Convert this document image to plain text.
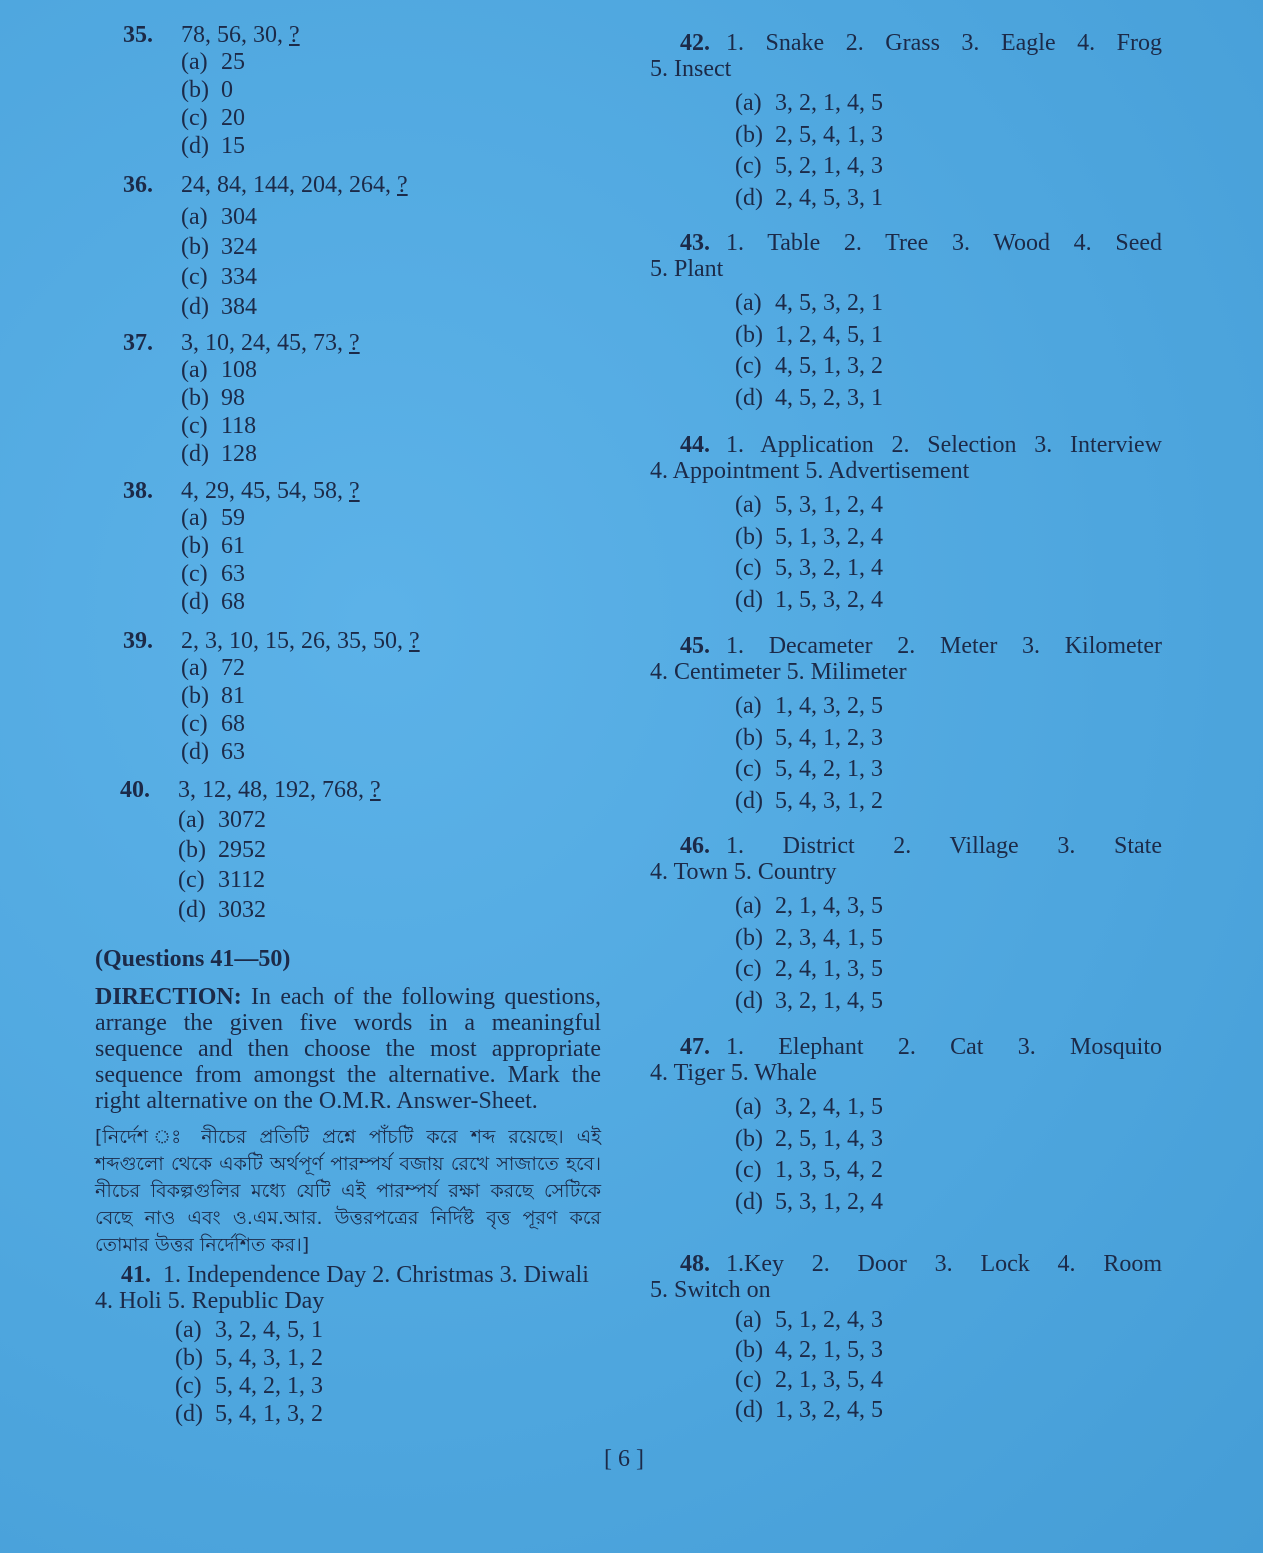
35. 78, 56, 30, ?
(a) 25
(b) 0
(c) 20
(d) 15
36. 24, 84, 144, 204, 264, ?
(a) 304
(b) 324
(c) 334
(d) 384
37. 3, 10, 24, 45, 73, ?
(a) 108
(b) 98
(c) 118
(d) 128
38. 4, 29, 45, 54, 58, ?
(a) 59
(b) 61
(c) 63
(d) 68
39. 2, 3, 10, 15, 26, 35, 50, ?
(a) 72
(b) 81
(c) 68
(d) 63
40. 3, 12, 48, 192, 768, ?
(a) 3072
(b) 2952
(c) 3112
(d) 3032
(Questions 41—50)
DIRECTION: In each of the following questions, arrange the given five words in a meaningful sequence and then choose the most appropriate sequence from amongst the alternative. Mark the right alternative on the O.M.R. Answer-Sheet.
[নির্দেশ ঃ নীচের প্রতিটি প্রশ্নে পাঁচটি করে শব্দ রয়েছে। এই শব্দগুলো থেকে একটি অর্থপূর্ণ পারম্পর্য বজায় রেখে সাজাতে হবে। নীচের বিকল্পগুলির মধ্যে যেটি এই পারম্পর্য রক্ষা করছে সেটিকে বেছে নাও এবং ও.এম.আর. উত্তরপত্রের নির্দিষ্ট বৃত্ত পূরণ করে তোমার উত্তর নির্দেশিত কর।]
41. 1. Independence Day 2. Christmas 3. Diwali
4. Holi 5. Republic Day
(a) 3, 2, 4, 5, 1
(b) 5, 4, 3, 1, 2
(c) 5, 4, 2, 1, 3
(d) 5, 4, 1, 3, 2
42. 1. Snake 2. Grass 3. Eagle 4. Frog
5. Insect
(a) 3, 2, 1, 4, 5
(b) 2, 5, 4, 1, 3
(c) 5, 2, 1, 4, 3
(d) 2, 4, 5, 3, 1
43. 1. Table 2. Tree 3. Wood 4. Seed
5. Plant
(a) 4, 5, 3, 2, 1
(b) 1, 2, 4, 5, 1
(c) 4, 5, 1, 3, 2
(d) 4, 5, 2, 3, 1
44. 1. Application 2. Selection 3. Interview
4. Appointment 5. Advertisement
(a) 5, 3, 1, 2, 4
(b) 5, 1, 3, 2, 4
(c) 5, 3, 2, 1, 4
(d) 1, 5, 3, 2, 4
45. 1. Decameter 2. Meter 3. Kilometer
4. Centimeter 5. Milimeter
(a) 1, 4, 3, 2, 5
(b) 5, 4, 1, 2, 3
(c) 5, 4, 2, 1, 3
(d) 5, 4, 3, 1, 2
46. 1. District 2. Village 3. State
4. Town 5. Country
(a) 2, 1, 4, 3, 5
(b) 2, 3, 4, 1, 5
(c) 2, 4, 1, 3, 5
(d) 3, 2, 1, 4, 5
47. 1. Elephant 2. Cat 3. Mosquito
4. Tiger 5. Whale
(a) 3, 2, 4, 1, 5
(b) 2, 5, 1, 4, 3
(c) 1, 3, 5, 4, 2
(d) 5, 3, 1, 2, 4
48. 1.Key 2. Door 3. Lock 4. Room
5. Switch on
(a) 5, 1, 2, 4, 3
(b) 4, 2, 1, 5, 3
(c) 2, 1, 3, 5, 4
(d) 1, 3, 2, 4, 5
[ 6 ]
